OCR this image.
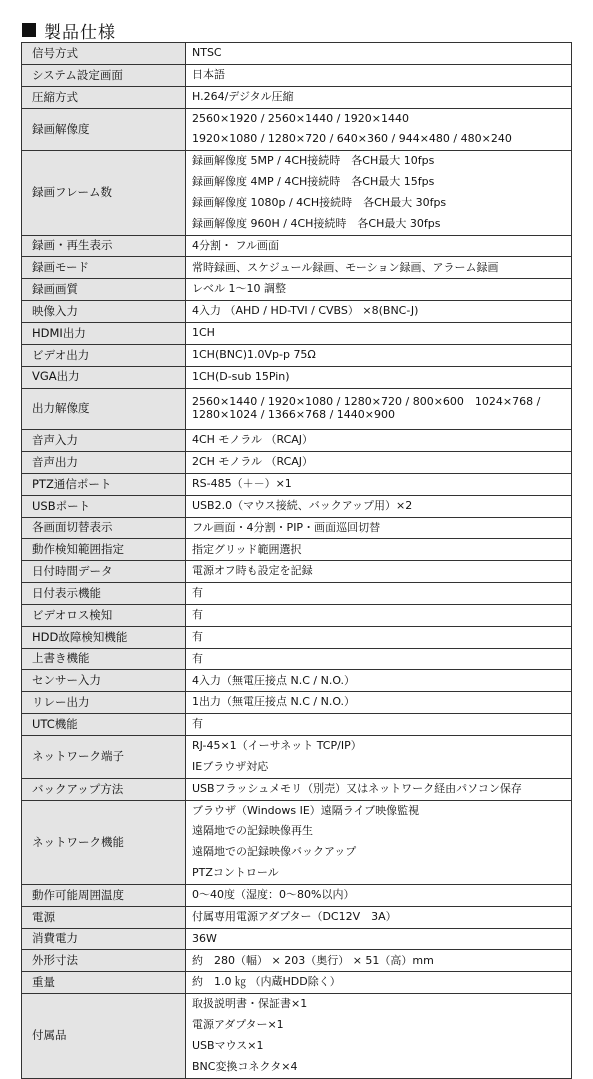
製品仕様
信号方式	NTSC

システム設定画面	日本語

圧縮方式	H.264/デジタル圧縮

録画解像度	2560×1920 / 2560×1440 / 1920×1440
1920×1080 / 1280×720 / 640×360 / 944×480 / 480×240

録画フレーム数	録画解像度 5MP / 4CH接続時　各CH最大 10fps
録画解像度 4MP / 4CH接続時　各CH最大 15fps
録画解像度 1080p / 4CH接続時　各CH最大 30fps
録画解像度 960H / 4CH接続時　各CH最大 30fps

録画・再生表示	4分割・ フル画面

録画モード	常時録画、スケジュール録画、モーション録画、アラーム録画

録画画質	レベル 1〜10 調整

映像入力	4入力 （AHD / HD-TVI / CVBS） ×8(BNC-J)

HDMI出力	1CH

ビデオ出力	1CH(BNC)1.0Vp-p 75Ω

VGA出力	1CH(D-sub 15Pin)

出力解像度	2560×1440 / 1920×1080 / 1280×720 / 800×600　1024×768 / 1280×1024 / 1366×768 / 1440×900

音声入力	4CH モノラル （RCAJ）

音声出力	2CH モノラル （RCAJ）

PTZ通信ポート	RS-485（＋－）×1

USBポート	USB2.0（マウス接続、バックアップ用）×2

各画面切替表示	フル画面・4分割・PIP・画面巡回切替

動作検知範囲指定	指定グリッド範囲選択

日付時間データ	電源オフ時も設定を記録

日付表示機能	有

ビデオロス検知	有

HDD故障検知機能	有

上書き機能	有

センサー入力	4入力（無電圧接点 N.C / N.O.）

リレー出力	1出力（無電圧接点 N.C / N.O.）

UTC機能	有

ネットワーク端子	RJ-45×1（イーサネット TCP/IP）
IEブラウザ対応

バックアップ方法	USBフラッシュメモリ（別売）又はネットワーク経由パソコン保存

ネットワーク機能	ブラウザ（Windows IE）遠隔ライブ映像監視
遠隔地での記録映像再生
遠隔地での記録映像バックアップ
PTZコントロール

動作可能周囲温度	0〜40度（湿度：0〜80%以内）

電源	付属専用電源アダプター（DC12V　3A）

消費電力	36W

外形寸法	約　280（幅） × 203（奥行） × 51（高）mm

重量	約　1.0 ㎏ （内蔵HDD除く）

付属品	取扱説明書・保証書×1
電源アダプター×1
USBマウス×1
BNC変換コネクタ×4
